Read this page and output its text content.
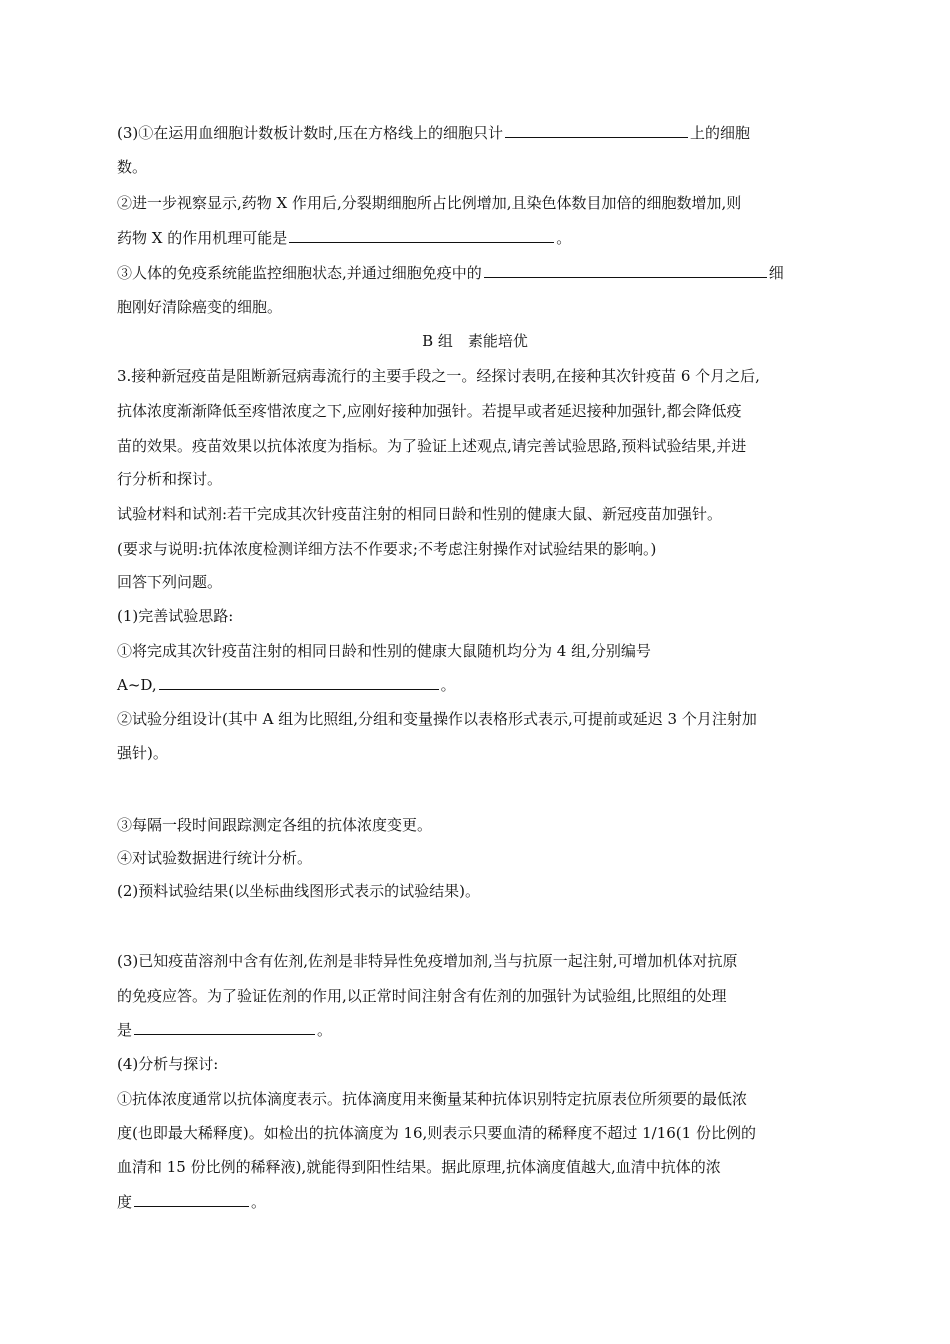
(3)①在运用血细胞计数板计数时,压在方格线上的细胞只计	上的细胞
数。
②进一步视察显示,药物 X 作用后,分裂期细胞所占比例增加,且染色体数目加倍的细胞数增加,则
药物 X 的作用机理可能是	。
③人体的免疫系统能监控细胞状态,并通过细胞免疫中的	细
胞刚好清除癌变的细胞。
B 组　素能培优
3.接种新冠疫苗是阻断新冠病毒流行的主要手段之一。经探讨表明,在接种其次针疫苗 6 个月之后,
抗体浓度渐渐降低至疼惜浓度之下,应刚好接种加强针。若提早或者延迟接种加强针,都会降低疫
苗的效果。疫苗效果以抗体浓度为指标。为了验证上述观点,请完善试验思路,预料试验结果,并进
行分析和探讨。
试验材料和试剂:若干完成其次针疫苗注射的相同日龄和性别的健康大鼠、新冠疫苗加强针。
(要求与说明:抗体浓度检测详细方法不作要求;不考虑注射操作对试验结果的影响。)
回答下列问题。
(1)完善试验思路:
①将完成其次针疫苗注射的相同日龄和性别的健康大鼠随机均分为 4 组,分别编号
A~D,	。
②试验分组设计(其中 A 组为比照组,分组和变量操作以表格形式表示,可提前或延迟 3 个月注射加
强针)。
③每隔一段时间跟踪测定各组的抗体浓度变更。
④对试验数据进行统计分析。
(2)预料试验结果(以坐标曲线图形式表示的试验结果)。
(3)已知疫苗溶剂中含有佐剂,佐剂是非特异性免疫增加剂,当与抗原一起注射,可增加机体对抗原
的免疫应答。为了验证佐剂的作用,以正常时间注射含有佐剂的加强针为试验组,比照组的处理
是	。
(4)分析与探讨:
①抗体浓度通常以抗体滴度表示。抗体滴度用来衡量某种抗体识别特定抗原表位所须要的最低浓
度(也即最大稀释度)。如检出的抗体滴度为 16,则表示只要血清的稀释度不超过 1/16(1 份比例的
血清和 15 份比例的稀释液),就能得到阳性结果。据此原理,抗体滴度值越大,血清中抗体的浓
度	。
